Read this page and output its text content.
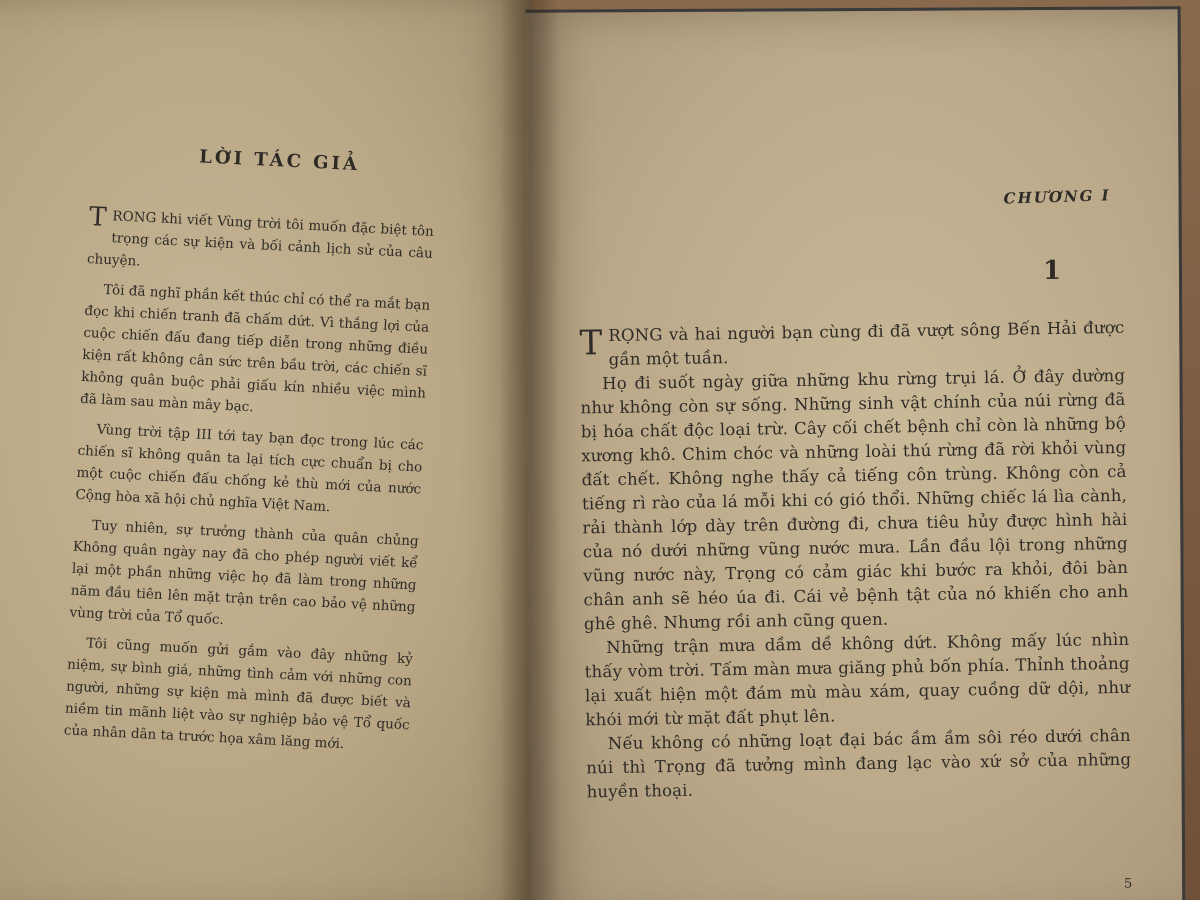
LỜI TÁC GIẢ

TRONG khi viết Vùng trời tôi muốn đặc biệt tôn trọng các sự kiện và bối cảnh lịch sử của câu chuyện.

Tôi đã nghĩ phần kết thúc chỉ có thể ra mắt bạn đọc khi chiến tranh đã chấm dứt. Vì thắng lợi của cuộc chiến đấu đang tiếp diễn trong những điều kiện rất không cân sức trên bầu trời, các chiến sĩ không quân buộc phải giấu kín nhiều việc mình đã làm sau màn mây bạc.

Vùng trời tập III tới tay bạn đọc trong lúc các chiến sĩ không quân ta lại tích cực chuẩn bị cho một cuộc chiến đấu chống kẻ thù mới của nước Cộng hòa xã hội chủ nghĩa Việt Nam.

Tuy nhiên, sự trưởng thành của quân chủng Không quân ngày nay đã cho phép người viết kể lại một phần những việc họ đã làm trong những năm đầu tiên lên mặt trận trên cao bảo vệ những vùng trời của Tổ quốc.

Tôi cũng muốn gửi gắm vào đây những kỷ niệm, sự bình giá, những tình cảm với những con người, những sự kiện mà mình đã được biết và niềm tin mãnh liệt vào sự nghiệp bảo vệ Tổ quốc của nhân dân ta trước họa xâm lăng mới.

CHƯƠNG I
1

TRỌNG và hai người bạn cùng đi đã vượt sông Bến Hải được gần một tuần.

Họ đi suốt ngày giữa những khu rừng trụi lá. Ở đây dường như không còn sự sống. Những sinh vật chính của núi rừng đã bị hóa chất độc loại trừ. Cây cối chết bệnh chỉ còn là những bộ xương khô. Chim chóc và những loài thú rừng đã rời khỏi vùng đất chết. Không nghe thấy cả tiếng côn trùng. Không còn cả tiếng rì rào của lá mỗi khi có gió thổi. Những chiếc lá lìa cành, rải thành lớp dày trên đường đi, chưa tiêu hủy được hình hài của nó dưới những vũng nước mưa. Lần đầu lội trong những vũng nước này, Trọng có cảm giác khi bước ra khỏi, đôi bàn chân anh sẽ héo úa đi. Cái vẻ bệnh tật của nó khiến cho anh ghê ghê. Nhưng rồi anh cũng quen.

Những trận mưa dầm dề không dứt. Không mấy lúc nhìn thấy vòm trời. Tấm màn mưa giăng phủ bốn phía. Thỉnh thoảng lại xuất hiện một đám mù màu xám, quay cuồng dữ dội, như khói mới từ mặt đất phụt lên.

Nếu không có những loạt đại bác ầm ầm sôi réo dưới chân núi thì Trọng đã tưởng mình đang lạc vào xứ sở của những huyền thoại.

5
